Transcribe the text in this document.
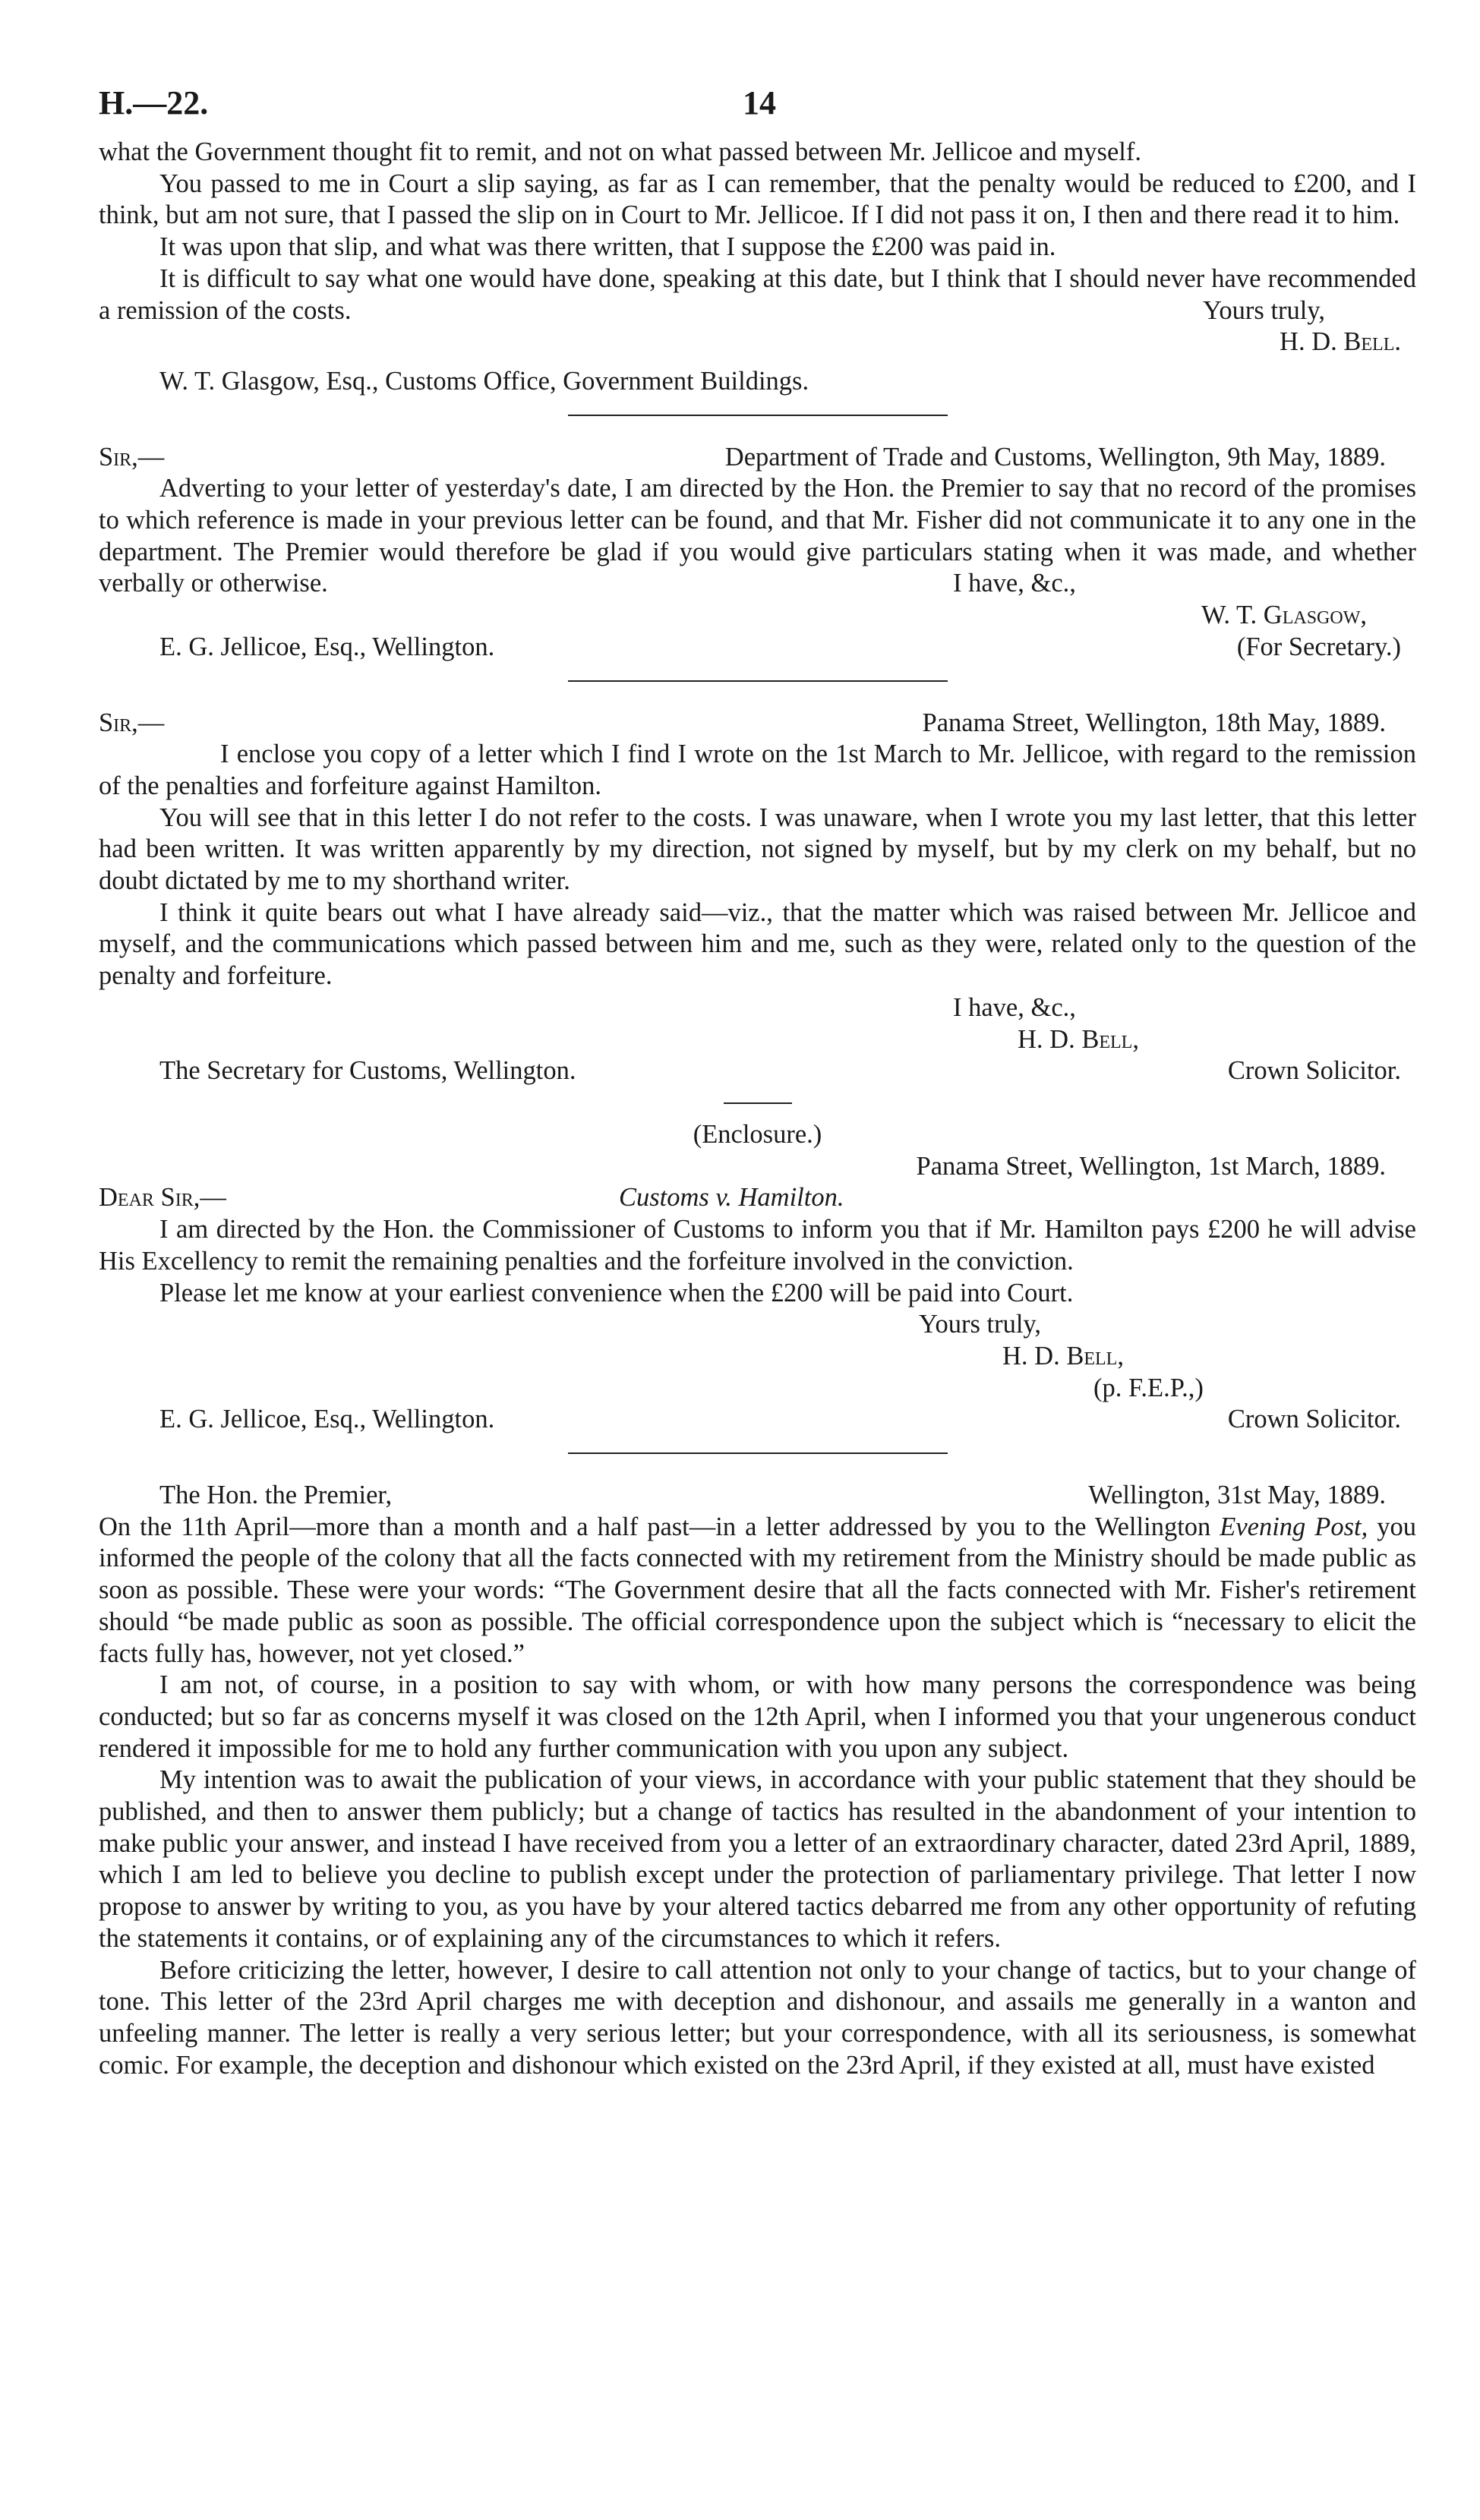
H.—22.	14

what the Government thought fit to remit, and not on what passed between Mr. Jellicoe and myself.

You passed to me in Court a slip saying, as far as I can remember, that the penalty would be reduced to £200, and I think, but am not sure, that I passed the slip on in Court to Mr. Jellicoe. If I did not pass it on, I then and there read it to him.

It was upon that slip, and what was there written, that I suppose the £200 was paid in.

It is difficult to say what one would have done, speaking at this date, but I think that I should never have recommended a remission of the costs.	Yours truly,
H. D. Bell.
W. T. Glasgow, Esq., Customs Office, Government Buildings.
Sir,—	Department of Trade and Customs, Wellington, 9th May, 1889.

Adverting to your letter of yesterday's date, I am directed by the Hon. the Premier to say that no record of the promises to which reference is made in your previous letter can be found, and that Mr. Fisher did not communicate it to any one in the department. The Premier would therefore be glad if you would give particulars stating when it was made, and whether verbally or otherwise.	I have, &c.,
W. T. Glasgow,
E. G. Jellicoe, Esq., Wellington.	(For Secretary.)
Sir,—	Panama Street, Wellington, 18th May, 1889.

I enclose you copy of a letter which I find I wrote on the 1st March to Mr. Jellicoe, with regard to the remission of the penalties and forfeiture against Hamilton.

You will see that in this letter I do not refer to the costs. I was unaware, when I wrote you my last letter, that this letter had been written. It was written apparently by my direction, not signed by myself, but by my clerk on my behalf, but no doubt dictated by me to my shorthand writer.

I think it quite bears out what I have already said—viz., that the matter which was raised between Mr. Jellicoe and myself, and the communications which passed between him and me, such as they were, related only to the question of the penalty and forfeiture.

I have, &c.,
H. D. Bell,
The Secretary for Customs, Wellington.	Crown Solicitor.
(Enclosure.)
Panama Street, Wellington, 1st March, 1889.
Dear Sir,—	Customs v. Hamilton.

I am directed by the Hon. the Commissioner of Customs to inform you that if Mr. Hamilton pays £200 he will advise His Excellency to remit the remaining penalties and the forfeiture involved in the conviction.

Please let me know at your earliest convenience when the £200 will be paid into Court.

Yours truly,
H. D. Bell,
(p. F.E.P.,)
E. G. Jellicoe, Esq., Wellington.	Crown Solicitor.
The Hon. the Premier,	Wellington, 31st May, 1889.

On the 11th April—more than a month and a half past—in a letter addressed by you to the Wellington Evening Post, you informed the people of the colony that all the facts connected with my retirement from the Ministry should be made public as soon as possible. These were your words: “The Government desire that all the facts connected with Mr. Fisher's retirement should “be made public as soon as possible. The official correspondence upon the subject which is “necessary to elicit the facts fully has, however, not yet closed.”

I am not, of course, in a position to say with whom, or with how many persons the correspondence was being conducted; but so far as concerns myself it was closed on the 12th April, when I informed you that your ungenerous conduct rendered it impossible for me to hold any further communication with you upon any subject.

My intention was to await the publication of your views, in accordance with your public statement that they should be published, and then to answer them publicly; but a change of tactics has resulted in the abandonment of your intention to make public your answer, and instead I have received from you a letter of an extraordinary character, dated 23rd April, 1889, which I am led to believe you decline to publish except under the protection of parliamentary privilege. That letter I now propose to answer by writing to you, as you have by your altered tactics debarred me from any other opportunity of refuting the statements it contains, or of explaining any of the circumstances to which it refers.

Before criticizing the letter, however, I desire to call attention not only to your change of tactics, but to your change of tone. This letter of the 23rd April charges me with deception and dishonour, and assails me generally in a wanton and unfeeling manner. The letter is really a very serious letter; but your correspondence, with all its seriousness, is somewhat comic. For example, the deception and dishonour which existed on the 23rd April, if they existed at all, must have existed
